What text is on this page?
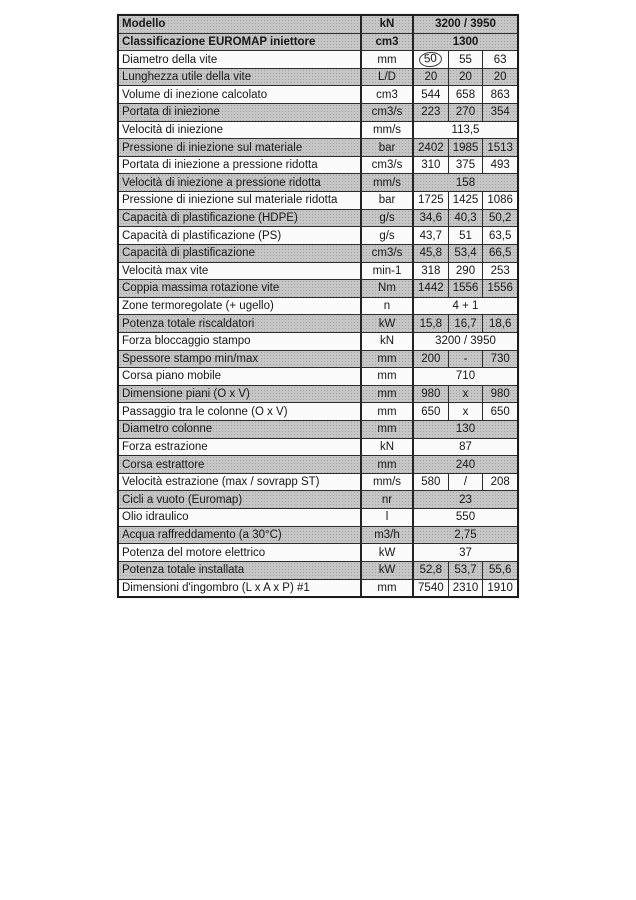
Modello	kN	3200 / 3950
Classificazione EUROMAP iniettore	cm3	1300
Diametro della vite	mm	50	55 63
Lunghezza utile della vite	L/D	20 20 20
Volume di inezione calcolato	cm3	544 658 863
Portata di iniezione	cm3/s	223 270 354
Velocità di iniezione	mm/s	113,5
Pressione di iniezione sul materiale	bar	2402 1985 1513
Portata di iniezione a pressione ridotta	cm3/s	310 375 493
Velocità di iniezione a pressione ridotta	mm/s	158
Pressione di iniezione sul materiale ridotta	bar	1725 1425 1086
Capacità di plastificazione (HDPE)	g/s	34,6 40,3 50,2
Capacità di plastificazione (PS)	g/s	43,7 51 63,5
Capacità di plastificazione	cm3/s	45,8 53,4 66,5
Velocità max vite	min-1	318 290 253
Coppia massima rotazione vite	Nm	1442 1556 1556
Zone termoregolate (+ ugello)	n	4 + 1
Potenza totale riscaldatori	kW	15,8 16,7 18,6
Forza bloccaggio stampo	kN	3200 / 3950
Spessore stampo min/max	mm	200 - 730
Corsa piano mobile	mm	710
Dimensione piani (O x V)	mm	980 x 980
Passaggio tra le colonne (O x V)	mm	650 x 650
Diametro colonne	mm	130
Forza estrazione	kN	87
Corsa estrattore	mm	240
Velocità estrazione (max / sovrapp ST)	mm/s	580 / 208
Cicli a vuoto (Euromap)	nr	23
Olio idraulico	l	550
Acqua raffreddamento (a 30°C)	m3/h	2,75
Potenza del motore elettrico	kW	37
Potenza totale installata	kW	52,8 53,7 55,6
Dimensioni d'ingombro (L x A x P) #1	mm	7540 2310 1910
